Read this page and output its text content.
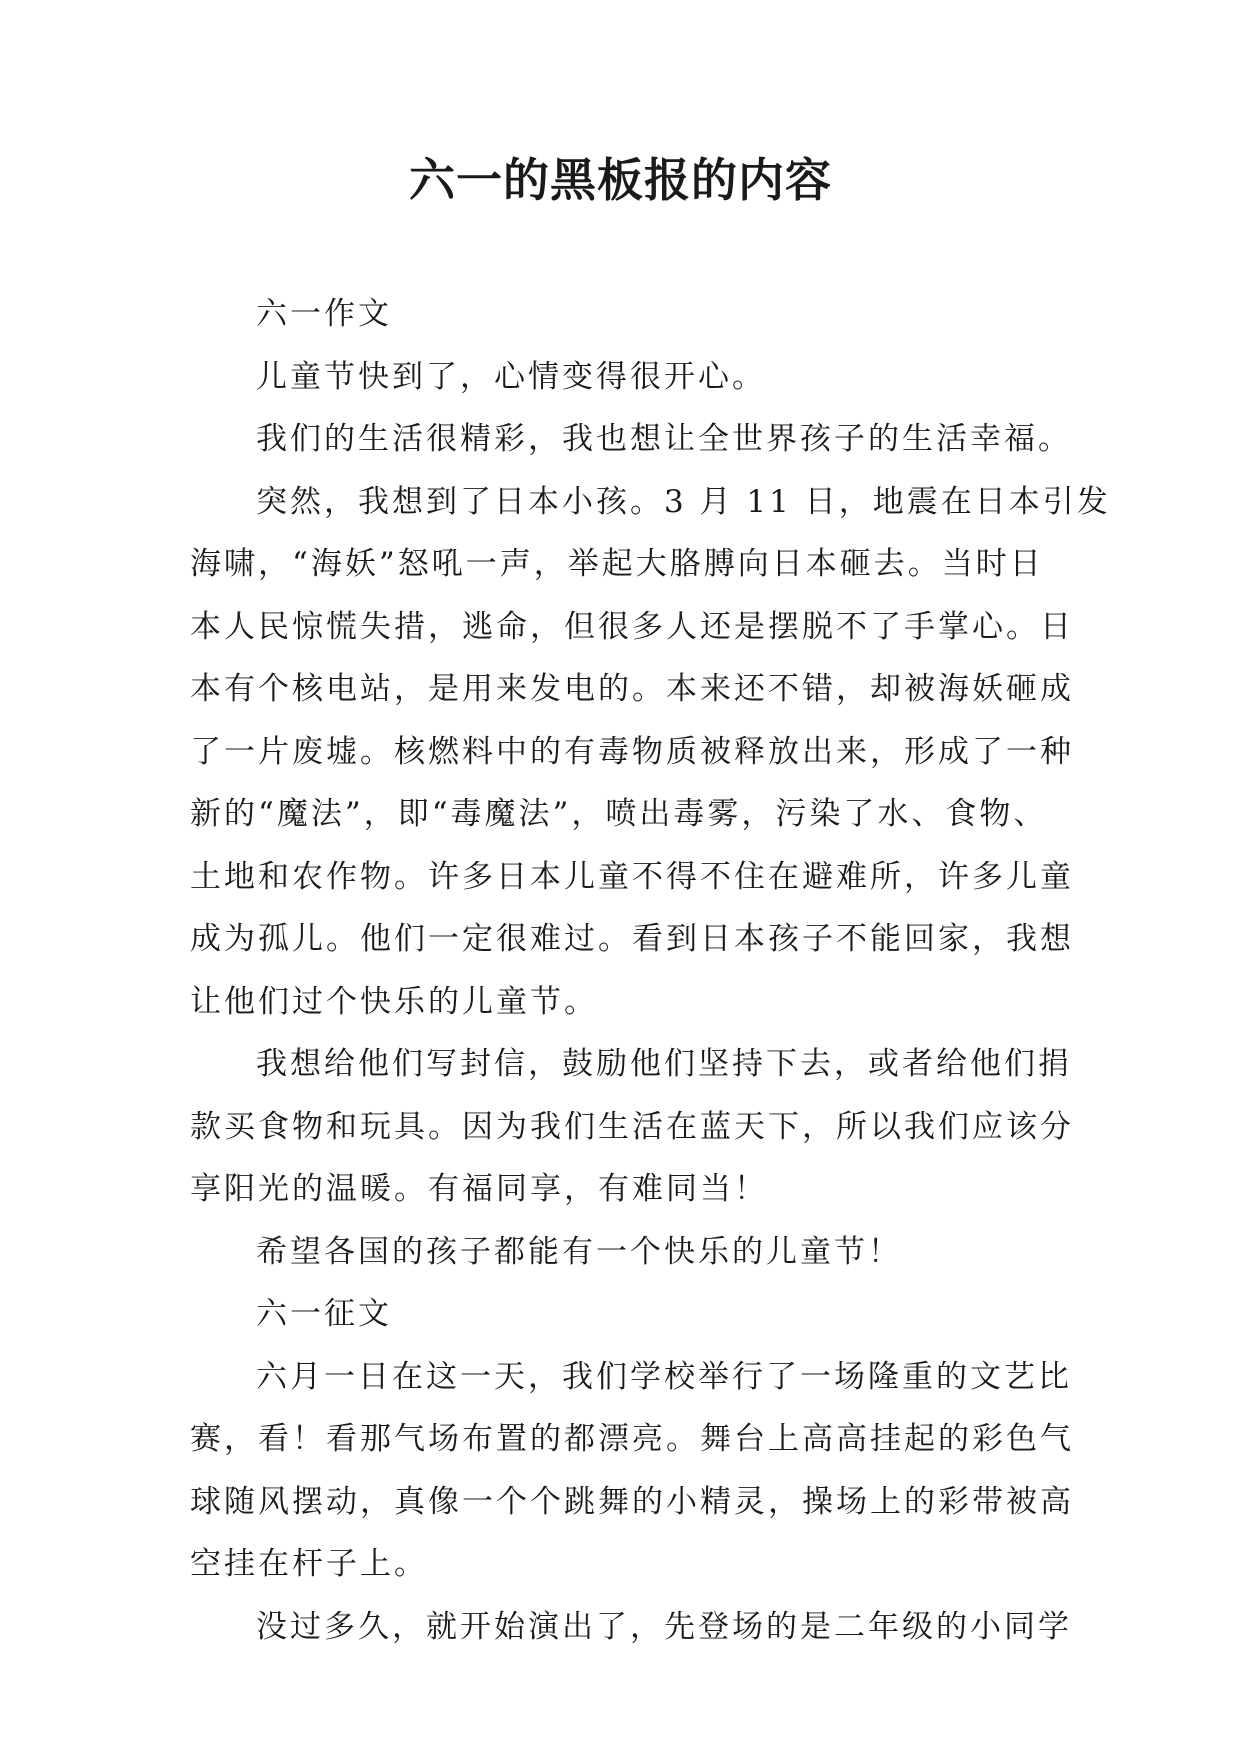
六一的黑板报的内容
六一作文
儿童节快到了，心情变得很开心。
我们的生活很精彩，我也想让全世界孩子的生活幸福。
突然，我想到了日本小孩。3 月 11 日，地震在日本引发
海啸，“海妖”怒吼一声，举起大胳膊向日本砸去。当时日
本人民惊慌失措，逃命，但很多人还是摆脱不了手掌心。日
本有个核电站，是用来发电的。本来还不错，却被海妖砸成
了一片废墟。核燃料中的有毒物质被释放出来，形成了一种
新的“魔法”，即“毒魔法”，喷出毒雾，污染了水、食物、
土地和农作物。许多日本儿童不得不住在避难所，许多儿童
成为孤儿。他们一定很难过。看到日本孩子不能回家，我想
让他们过个快乐的儿童节。
我想给他们写封信，鼓励他们坚持下去，或者给他们捐
款买食物和玩具。因为我们生活在蓝天下，所以我们应该分
享阳光的温暖。有福同享，有难同当！
希望各国的孩子都能有一个快乐的儿童节！
六一征文
六月一日在这一天，我们学校举行了一场隆重的文艺比
赛，看！看那气场布置的都漂亮。舞台上高高挂起的彩色气
球随风摆动，真像一个个跳舞的小精灵，操场上的彩带被高
空挂在杆子上。
没过多久，就开始演出了，先登场的是二年级的小同学
